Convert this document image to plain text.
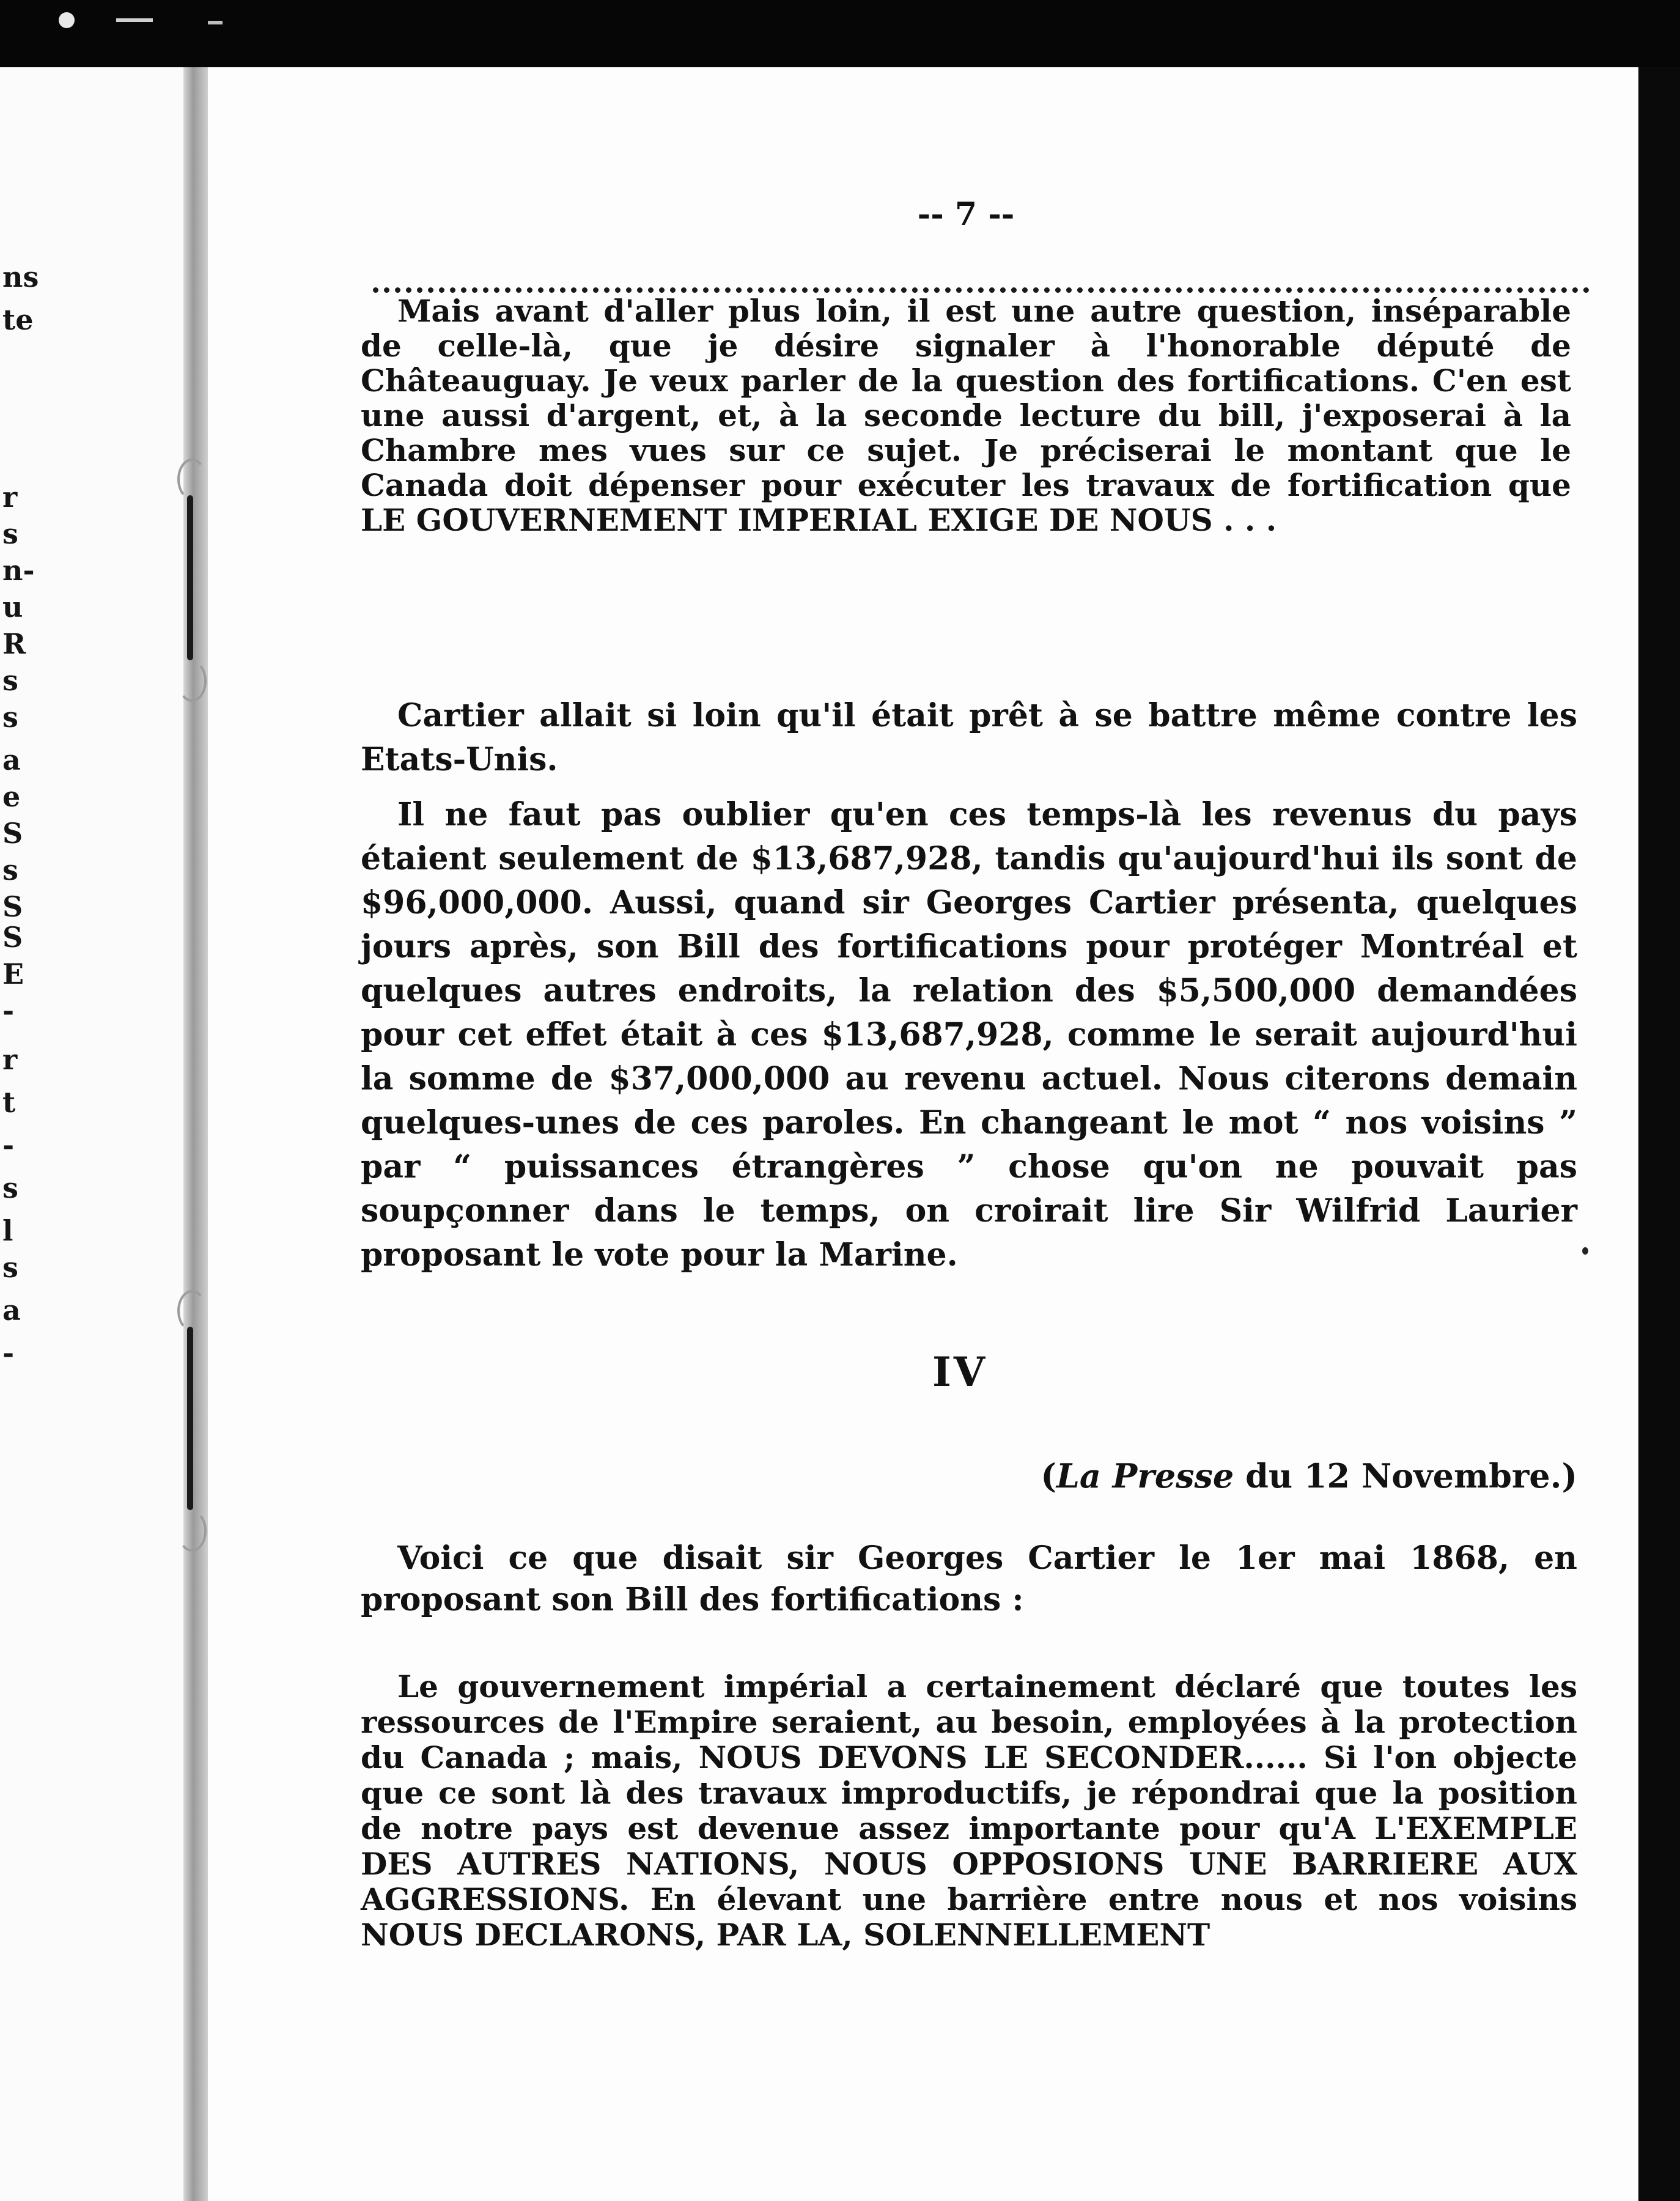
ns
te
r
s
n-
u
R
s
s
a
e
S
s
S
S
E
-
r
t
-
s
l
s
a
-
-- 7 --
Mais avant d'aller plus loin, il est une autre question, inséparable de celle-là, que je désire signaler à l'honorable député de Châteauguay. Je veux parler de la question des fortifications. C'en est une aussi d'argent, et, à la seconde lecture du bill, j'exposerai à la Chambre mes vues sur ce sujet. Je préciserai le montant que le Canada doit dépenser pour exécuter les travaux de fortification que LE GOUVERNEMENT IMPERIAL EXIGE DE NOUS . . .

Cartier allait si loin qu'il était prêt à se battre même contre les Etats-Unis.

Il ne faut pas oublier qu'en ces temps-là les revenus du pays étaient seulement de $13,687,928, tandis qu'aujourd'hui ils sont de $96,000,000. Aussi, quand sir Georges Cartier présenta, quelques jours après, son Bill des fortifications pour protéger Montréal et quelques autres endroits, la relation des $5,500,000 demandées pour cet effet était à ces $13,687,928, comme le serait aujourd'hui la somme de $37,000,000 au revenu actuel. Nous citerons demain quelques-unes de ces paroles. En changeant le mot “ nos voisins ” par “ puissances étrangères ” chose qu'on ne pouvait pas soupçonner dans le temps, on croirait lire Sir Wilfrid Laurier proposant le vote pour la Marine.

IV
(La Presse du 12 Novembre.)
Voici ce que disait sir Georges Cartier le 1er mai 1868, en proposant son Bill des fortifications :
Le gouvernement impérial a certainement déclaré que toutes les ressources de l'Empire seraient, au besoin, employées à la protection du Canada ; mais, NOUS DEVONS LE SECONDER...... Si l'on objecte que ce sont là des travaux improductifs, je répondrai que la position de notre pays est devenue assez importante pour qu'A L'EXEMPLE DES AUTRES NATIONS, NOUS OPPOSIONS UNE BARRIERE AUX AGGRESSIONS. En élevant une barrière entre nous et nos voisins NOUS DECLARONS, PAR LA, SOLENNELLEMENT
